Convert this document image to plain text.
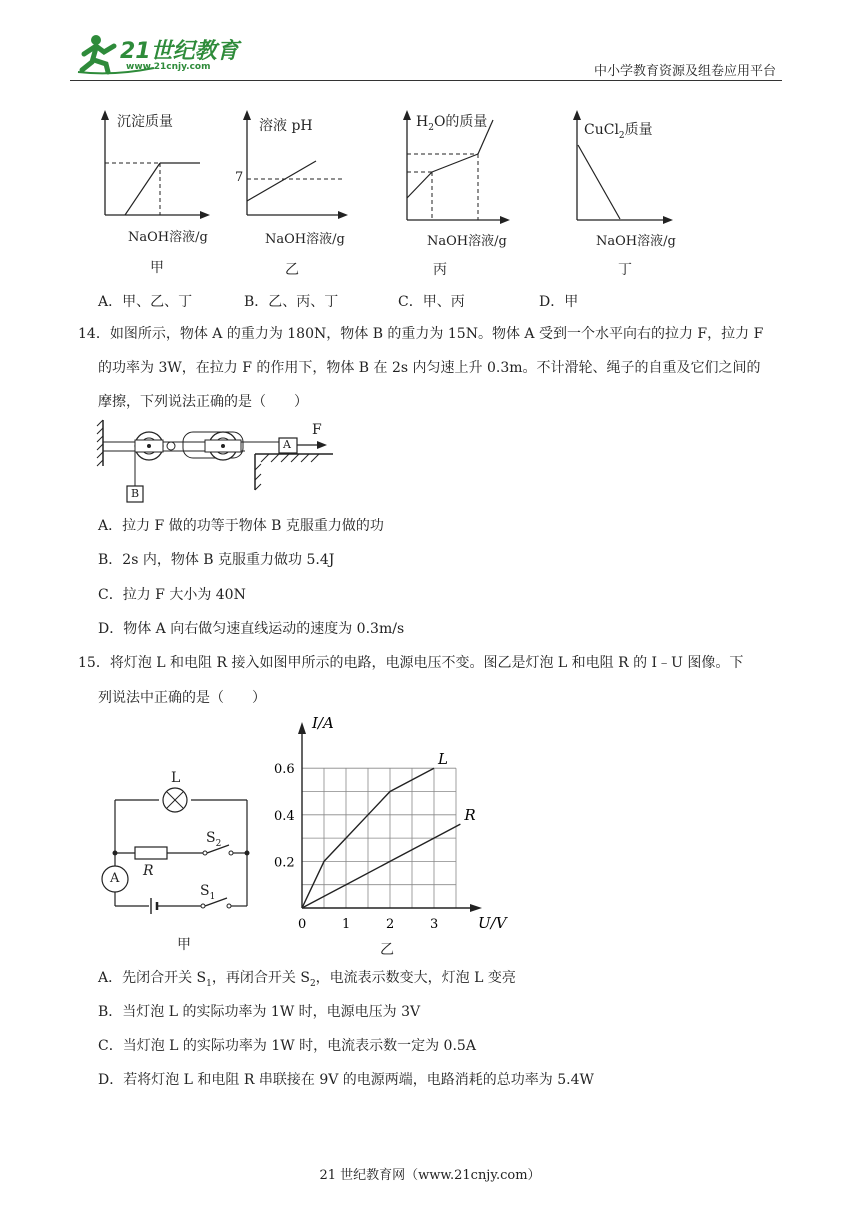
21世纪教育
www.21cnjy.com	中小学教育资源及组卷应用平台
沉淀质量
NaOH溶液/g
甲
溶液 pH
7
NaOH溶液/g
乙
$H_2O$的质量
NaOH溶液/g
丙
CuCl$_2$质量
NaOH溶液/g
丁
A．甲、乙、丁	B．乙、丙、丁	C．甲、丙	D．甲
14．如图所示，物体 A 的重力为 180N，物体 B 的重力为 15N。物体 A 受到一个水平向右的拉力 F，拉力 F
的功率为 3W，在拉力 F 的作用下，物体 B 在 2s 内匀速上升 0.3m。不计滑轮、绳子的自重及它们之间的
摩擦，下列说法正确的是（　　）
A
B
F
A．拉力 F 做的功等于物体 B 克服重力做的功
B．2s 内，物体 B 克服重力做功 5.4J
C．拉力 F 大小为 40N
D．物体 A 向右做匀速直线运动的速度为 0.3m/s
15．将灯泡 L 和电阻 R 接入如图甲所示的电路，电源电压不变。图乙是灯泡 L 和电阻 R 的 I﹣U 图像。下
列说法中正确的是（　　）
L
R
A
$S_2$
$S_1$
甲
I/A
U/V
0	1	2	3
0.2
0.4
0.6
L
R
乙
A．先闭合开关 $S_1$，再闭合开关 $S_2$，电流表示数变大，灯泡 L 变亮
B．当灯泡 L 的实际功率为 1W 时，电源电压为 3V
C．当灯泡 L 的实际功率为 1W 时，电流表示数一定为 0.5A
D．若将灯泡 L 和电阻 R 串联接在 9V 的电源两端，电路消耗的总功率为 5.4W
21 世纪教育网（www.21cnjy.com）
